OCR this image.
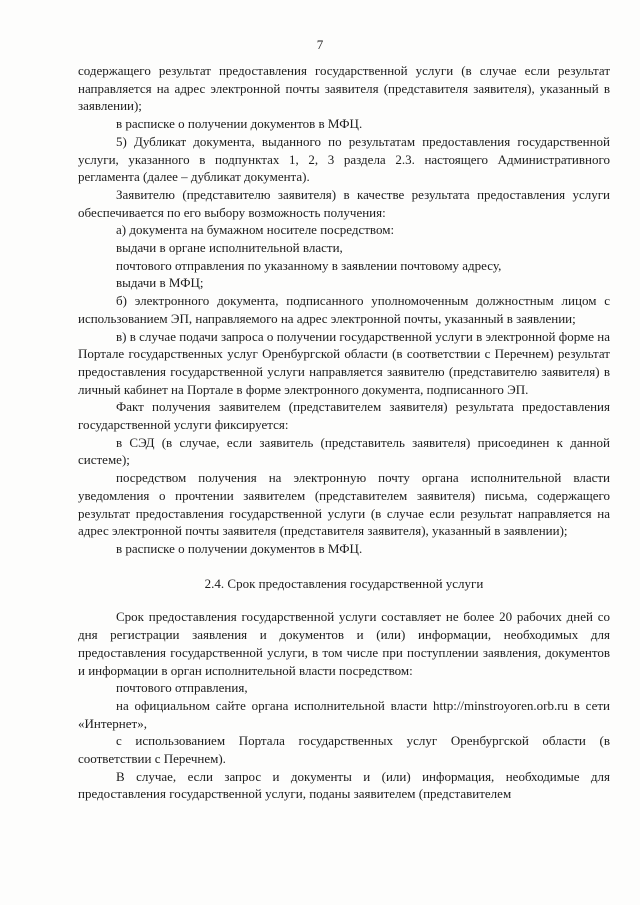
7

содержащего результат предоставления государственной услуги (в случае если результат направляется на адрес электронной почты заявителя (представителя заявителя), указанный в заявлении);

в расписке о получении документов в МФЦ.

5) Дубликат документа, выданного по результатам предоставления государственной услуги, указанного в подпунктах 1, 2, 3 раздела 2.3. настоящего Административного регламента (далее – дубликат документа).

Заявителю (представителю заявителя) в качестве результата предоставления услуги обеспечивается по его выбору возможность получения:

а) документа на бумажном носителе посредством:

выдачи в органе исполнительной власти,

почтового отправления по указанному в заявлении почтовому адресу,

выдачи в МФЦ;

б) электронного документа, подписанного уполномоченным должностным лицом с использованием ЭП, направляемого на адрес электронной почты, указанный в заявлении;

в) в случае подачи запроса о получении государственной услуги в электронной форме на Портале государственных услуг Оренбургской области (в соответствии с Перечнем) результат предоставления государственной услуги направляется заявителю (представителю заявителя) в личный кабинет на Портале в форме электронного документа, подписанного ЭП.

Факт получения заявителем (представителем заявителя) результата предоставления государственной услуги фиксируется:

в СЭД (в случае, если заявитель (представитель заявителя) присоединен к данной системе);

посредством получения на электронную почту органа исполнительной власти уведомления о прочтении заявителем (представителем заявителя) письма, содержащего результат предоставления государственной услуги (в случае если результат направляется на адрес электронной почты заявителя (представителя заявителя), указанный в заявлении);

в расписке о получении документов в МФЦ.

2.4. Срок предоставления государственной услуги

Срок предоставления государственной услуги составляет не более 20 рабочих дней со дня регистрации заявления и документов и (или) информации, необходимых для предоставления государственной услуги, в том числе при поступлении заявления, документов и информации в орган исполнительной власти посредством:

почтового отправления,

на официальном сайте органа исполнительной власти http://minstroyoren.orb.ru в сети «Интернет»,

с использованием Портала государственных услуг Оренбургской области (в соответствии с Перечнем).

В случае, если запрос и документы и (или) информация, необходимые для предоставления государственной услуги, поданы заявителем (представителем
